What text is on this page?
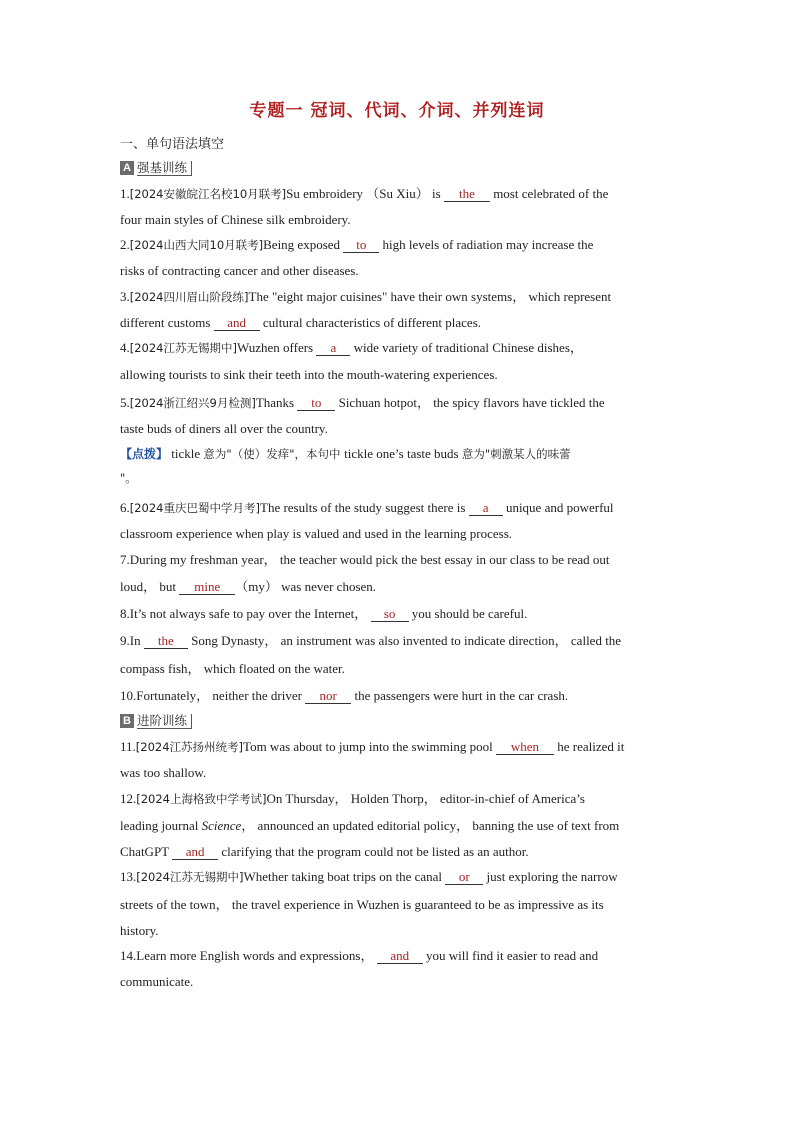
专题一 冠词、代词、介词、并列连词
一、单句语法填空
A 强基训练
1.[2024安徽皖江名校10月联考]Su embroidery （Su Xiu） is the most celebrated of the
four main styles of Chinese silk embroidery.
2.[2024山西大同10月联考]Being exposed to high levels of radiation may increase the
risks of contracting cancer and other diseases.
3.[2024四川眉山阶段练]The "eight major cuisines" have their own systems， which represent
different customs and cultural characteristics of different places.
4.[2024江苏无锡期中]Wuzhen offers a wide variety of traditional Chinese dishes，
allowing tourists to sink their teeth into the mouth-watering experiences.
5.[2024浙江绍兴9月检测]Thanks to Sichuan hotpot， the spicy flavors have tickled the
taste buds of diners all over the country.
【点拨】 tickle 意为"（使）发痒"，本句中 tickle one’s taste buds 意为"刺激某人的味蕾
"。
6.[2024重庆巴蜀中学月考]The results of the study suggest there is a unique and powerful
classroom experience when play is valued and used in the learning process.
7.During my freshman year， the teacher would pick the best essay in our class to be read out
loud， but mine （my） was never chosen.
8.It’s not always safe to pay over the Internet， so you should be careful.
9.In the Song Dynasty， an instrument was also invented to indicate direction， called the
compass fish， which floated on the water.
10.Fortunately， neither the driver nor the passengers were hurt in the car crash.
B 进阶训练
11.[2024江苏扬州统考]Tom was about to jump into the swimming pool when he realized it
was too shallow.
12.[2024上海格致中学考试]On Thursday， Holden Thorp， editor-in-chief of America’s
leading journal Science， announced an updated editorial policy， banning the use of text from
ChatGPT and clarifying that the program could not be listed as an author.
13.[2024江苏无锡期中]Whether taking boat trips on the canal or just exploring the narrow
streets of the town， the travel experience in Wuzhen is guaranteed to be as impressive as its
history.
14.Learn more English words and expressions， and you will find it easier to read and
communicate.
